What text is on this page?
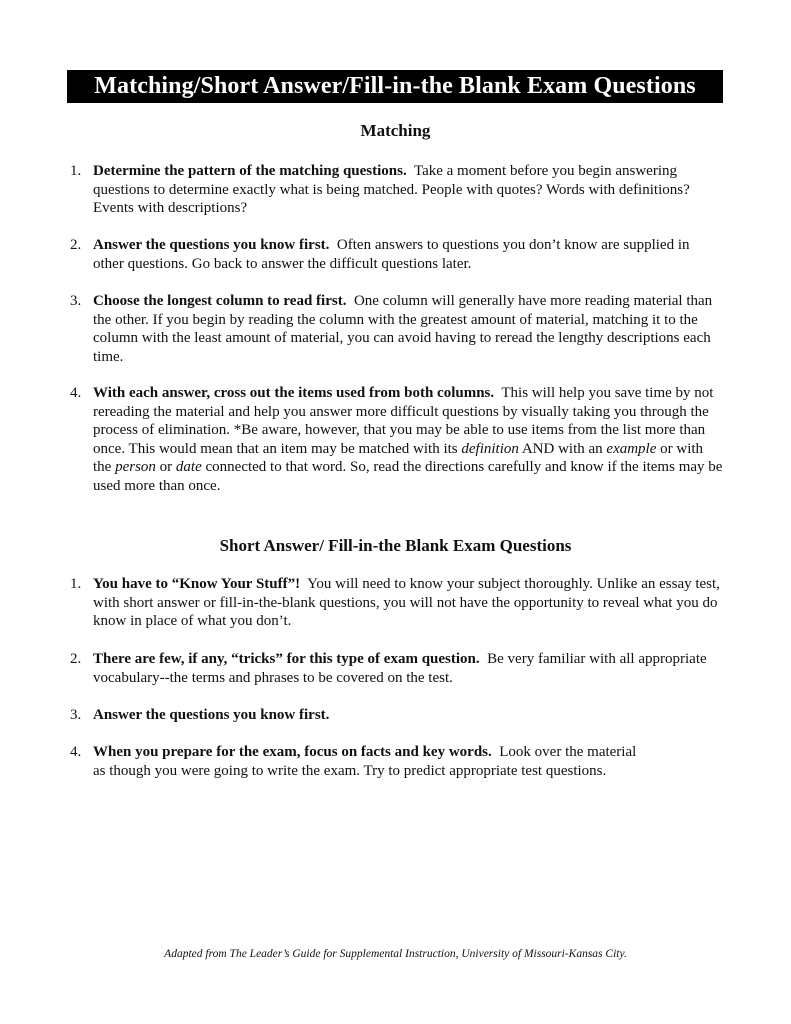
Matching/Short Answer/Fill-in-the Blank Exam Questions
Matching
1. Determine the pattern of the matching questions. Take a moment before you begin answering questions to determine exactly what is being matched. People with quotes? Words with definitions? Events with descriptions?
2. Answer the questions you know first. Often answers to questions you don’t know are supplied in other questions. Go back to answer the difficult questions later.
3. Choose the longest column to read first. One column will generally have more reading material than the other. If you begin by reading the column with the greatest amount of material, matching it to the column with the least amount of material, you can avoid having to reread the lengthy descriptions each time.
4. With each answer, cross out the items used from both columns. This will help you save time by not rereading the material and help you answer more difficult questions by visually taking you through the process of elimination. *Be aware, however, that you may be able to use items from the list more than once. This would mean that an item may be matched with its definition AND with an example or with the person or date connected to that word. So, read the directions carefully and know if the items may be used more than once.
Short Answer/ Fill-in-the Blank Exam Questions
1. You have to “Know Your Stuff”! You will need to know your subject thoroughly. Unlike an essay test, with short answer or fill-in-the-blank questions, you will not have the opportunity to reveal what you do know in place of what you don’t.
2. There are few, if any, “tricks” for this type of exam question. Be very familiar with all appropriate vocabulary--the terms and phrases to be covered on the test.
3. Answer the questions you know first.
4. When you prepare for the exam, focus on facts and key words. Look over the material as though you were going to write the exam. Try to predict appropriate test questions.
Adapted from The Leader’s Guide for Supplemental Instruction, University of Missouri-Kansas City.
